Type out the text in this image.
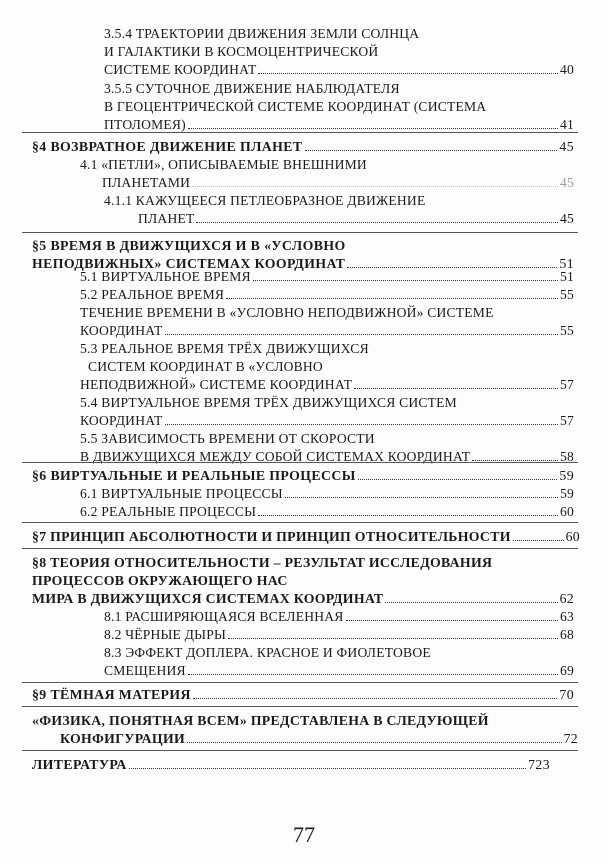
3.5.4 ТРАЕКТОРИИ ДВИЖЕНИЯ ЗЕМЛИ СОЛНЦА
И ГАЛАКТИКИ В КОСМОЦЕНТРИЧЕСКОЙ
СИСТЕМЕ КООРДИНАТ	40
3.5.5 СУТОЧНОЕ ДВИЖЕНИЕ НАБЛЮДАТЕЛЯ
В ГЕОЦЕНТРИЧЕСКОЙ СИСТЕМЕ КООРДИНАТ (СИСТЕМА
ПТОЛОМЕЯ)	41
§4 ВОЗВРАТНОЕ ДВИЖЕНИЕ ПЛАНЕТ	45
4.1 «ПЕТЛИ», ОПИСЫВАЕМЫЕ ВНЕШНИМИ
ПЛАНЕТАМИ	45
4.1.1 КАЖУЩЕЕСЯ ПЕТЛЕОБРАЗНОЕ ДВИЖЕНИЕ
ПЛАНЕТ	45
§5 ВРЕМЯ В ДВИЖУЩИХСЯ И В «УСЛОВНО
НЕПОДВИЖНЫХ» СИСТЕМАХ КООРДИНАТ	51
5.1 ВИРТУАЛЬНОЕ ВРЕМЯ	51
5.2 РЕАЛЬНОЕ ВРЕМЯ	55
ТЕЧЕНИЕ ВРЕМЕНИ В «УСЛОВНО НЕПОДВИЖНОЙ» СИСТЕМЕ
КООРДИНАТ	55
5.3 РЕАЛЬНОЕ ВРЕМЯ ТРЁХ ДВИЖУЩИХСЯ
СИСТЕМ КООРДИНАТ В «УСЛОВНО
НЕПОДВИЖНОЙ» СИСТЕМЕ КООРДИНАТ	57
5.4 ВИРТУАЛЬНОЕ ВРЕМЯ ТРЁХ ДВИЖУЩИХСЯ СИСТЕМ
КООРДИНАТ	57
5.5 ЗАВИСИМОСТЬ ВРЕМЕНИ ОТ СКОРОСТИ
В ДВИЖУЩИХСЯ МЕЖДУ СОБОЙ СИСТЕМАХ КООРДИНАТ	58
§6 ВИРТУАЛЬНЫЕ И РЕАЛЬНЫЕ ПРОЦЕССЫ	59
6.1 ВИРТУАЛЬНЫЕ ПРОЦЕССЫ	59
6.2 РЕАЛЬНЫЕ ПРОЦЕССЫ	60
§7 ПРИНЦИП АБСОЛЮТНОСТИ И ПРИНЦИП ОТНОСИТЕЛЬНОСТИ	60
§8 ТЕОРИЯ ОТНОСИТЕЛЬНОСТИ – РЕЗУЛЬТАТ ИССЛЕДОВАНИЯ
ПРОЦЕССОВ ОКРУЖАЮЩЕГО НАС
МИРА В ДВИЖУЩИХСЯ СИСТЕМАХ КООРДИНАТ	62
8.1 РАСШИРЯЮЩАЯСЯ ВСЕЛЕННАЯ	63
8.2 ЧЁРНЫЕ ДЫРЫ	68
8.3 ЭФФЕКТ ДОПЛЕРА. КРАСНОЕ И ФИОЛЕТОВОЕ
СМЕЩЕНИЯ	69
§9 ТЁМНАЯ МАТЕРИЯ	70
«ФИЗИКА, ПОНЯТНАЯ ВСЕМ» ПРЕДСТАВЛЕНА В СЛЕДУЮЩЕЙ
КОНФИГУРАЦИИ	72
ЛИТЕРАТУРА	723
77
